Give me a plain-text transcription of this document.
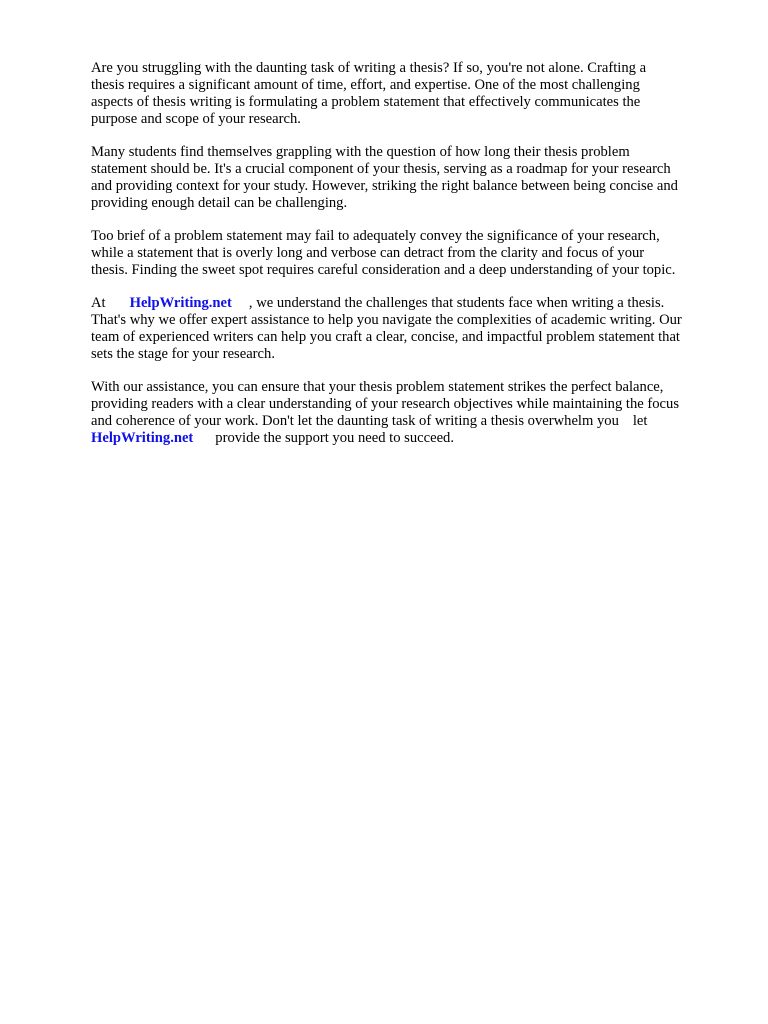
Are you struggling with the daunting task of writing a thesis? If so, you're not alone. Crafting a
thesis requires a significant amount of time, effort, and expertise. One of the most challenging
aspects of thesis writing is formulating a problem statement that effectively communicates the
purpose and scope of your research.
Many students find themselves grappling with the question of how long their thesis problem
statement should be. It's a crucial component of your thesis, serving as a roadmap for your research
and providing context for your study. However, striking the right balance between being concise and
providing enough detail can be challenging.
Too brief of a problem statement may fail to adequately convey the significance of your research,
while a statement that is overly long and verbose can detract from the clarity and focus of your
thesis. Finding the sweet spot requires careful consideration and a deep understanding of your topic.
At HelpWriting.net , we understand the challenges that students face when writing a thesis.
That's why we offer expert assistance to help you navigate the complexities of academic writing. Our
team of experienced writers can help you craft a clear, concise, and impactful problem statement that
sets the stage for your research.
With our assistance, you can ensure that your thesis problem statement strikes the perfect balance,
providing readers with a clear understanding of your research objectives while maintaining the focus
and coherence of your work. Don't let the daunting task of writing a thesis overwhelm you let
HelpWriting.net provide the support you need to succeed.
